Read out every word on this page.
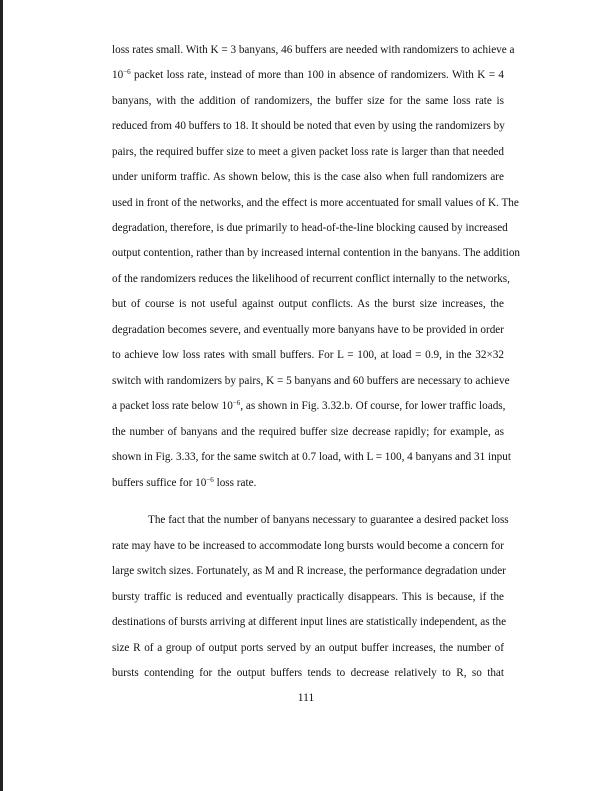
loss rates small. With K = 3 banyans, 46 buffers are needed with randomizers to achieve a
$10^{-6}$ packet loss rate, instead of more than 100 in absence of randomizers. With K = 4
banyans, with the addition of randomizers, the buffer size for the same loss rate is
reduced from 40 buffers to 18. It should be noted that even by using the randomizers by
pairs, the required buffer size to meet a given packet loss rate is larger than that needed
under uniform traffic. As shown below, this is the case also when full randomizers are
used in front of the networks, and the effect is more accentuated for small values of K. The
degradation, therefore, is due primarily to head-of-the-line blocking caused by increased
output contention, rather than by increased internal contention in the banyans. The addition
of the randomizers reduces the likelihood of recurrent conflict internally to the networks,
but of course is not useful against output conflicts. As the burst size increases, the
degradation becomes severe, and eventually more banyans have to be provided in order
to achieve low loss rates with small buffers. For L = 100, at load = 0.9, in the 32×32
switch with randomizers by pairs, K = 5 banyans and 60 buffers are necessary to achieve
a packet loss rate below $10^{-6}$, as shown in Fig. 3.32.b. Of course, for lower traffic loads,
the number of banyans and the required buffer size decrease rapidly; for example, as
shown in Fig. 3.33, for the same switch at 0.7 load, with L = 100, 4 banyans and 31 input
buffers suffice for $10^{-6}$ loss rate.
The fact that the number of banyans necessary to guarantee a desired packet loss
rate may have to be increased to accommodate long bursts would become a concern for
large switch sizes. Fortunately, as M and R increase, the performance degradation under
bursty traffic is reduced and eventually practically disappears. This is because, if the
destinations of bursts arriving at different input lines are statistically independent, as the
size R of a group of output ports served by an output buffer increases, the number of
bursts contending for the output buffers tends to decrease relatively to R, so that
111
